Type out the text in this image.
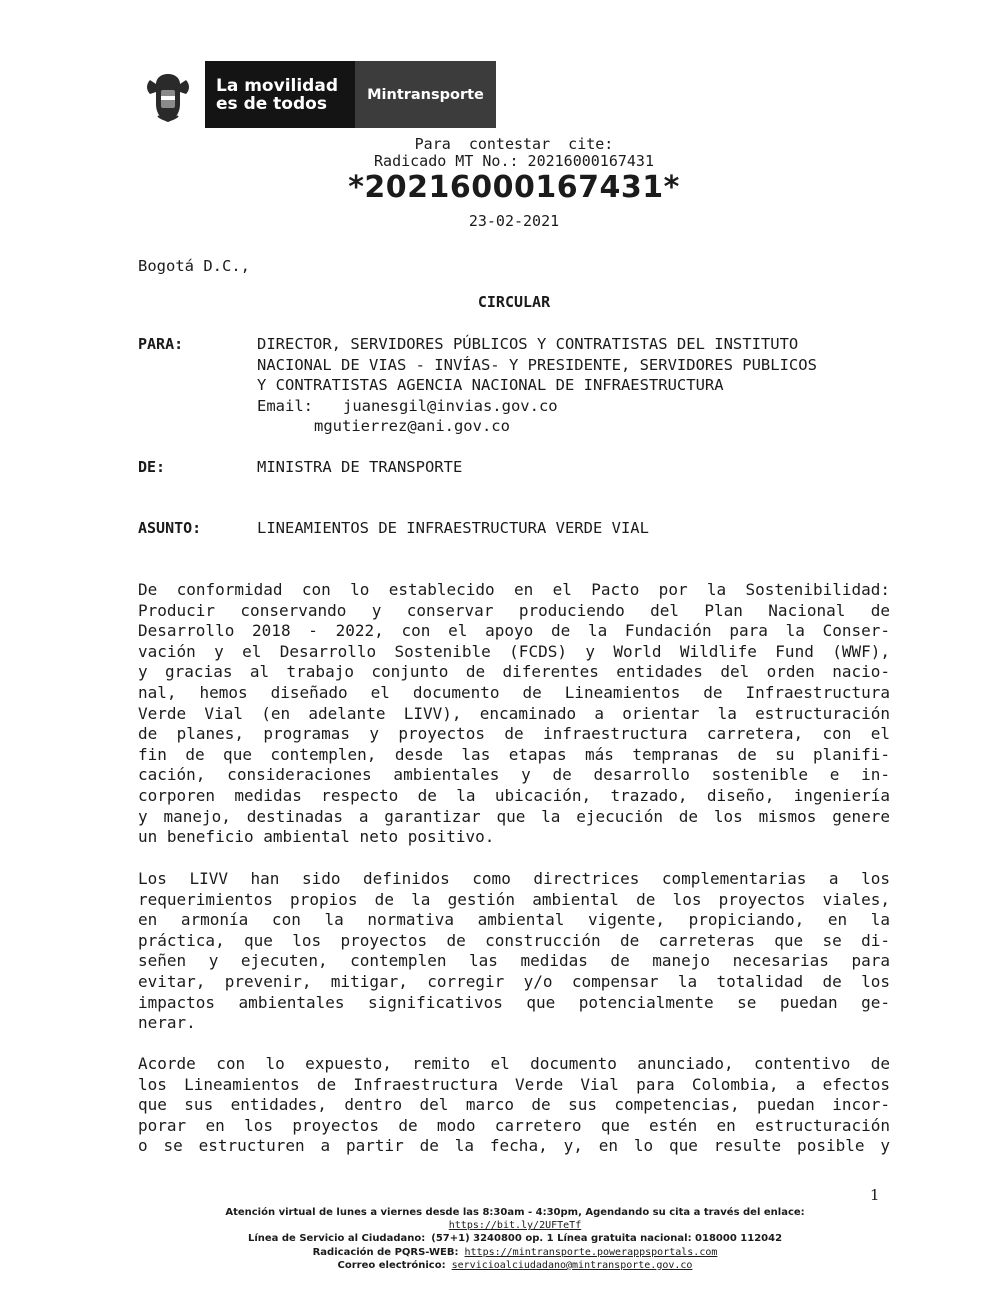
La movilidad
es de todos	Mintransporte
Para  contestar  cite:
Radicado MT No.: 20216000167431
*20216000167431*
23-02-2021
Bogotá D.C.,
CIRCULAR
PARA:	DIRECTOR, SERVIDORES PÚBLICOS Y CONTRATISTAS DEL INSTITUTO
NACIONAL DE VIAS - INVÍAS- Y PRESIDENTE, SERVIDORES PUBLICOS
Y CONTRATISTAS AGENCIA NACIONAL DE INFRAESTRUCTURA
Email: juanesgil@invias.gov.co
mgutierrez@ani.gov.co
DE:	MINISTRA DE TRANSPORTE
ASUNTO:	LINEAMIENTOS DE INFRAESTRUCTURA VERDE VIAL
De conformidad con lo establecido en el Pacto por la Sostenibilidad:
Producir conservando y conservar produciendo del Plan Nacional de
Desarrollo 2018 - 2022, con el apoyo de la Fundación para la Conser-
vación y el Desarrollo Sostenible (FCDS) y World Wildlife Fund (WWF),
y gracias al trabajo conjunto de diferentes entidades del orden nacio-
nal, hemos diseñado el documento de Lineamientos de Infraestructura
Verde Vial (en adelante LIVV), encaminado a orientar la estructuración
de planes, programas y proyectos de infraestructura carretera, con el
fin de que contemplen, desde las etapas más tempranas de su planifi-
cación, consideraciones ambientales y de desarrollo sostenible e in-
corporen medidas respecto de la ubicación, trazado, diseño, ingeniería
y manejo, destinadas a garantizar que la ejecución de los mismos genere
un beneficio ambiental neto positivo.
Los LIVV han sido definidos como directrices complementarias a los
requerimientos propios de la gestión ambiental de los proyectos viales,
en armonía con la normativa ambiental vigente, propiciando, en la
práctica, que los proyectos de construcción de carreteras que se di-
señen y ejecuten, contemplen las medidas de manejo necesarias para
evitar, prevenir, mitigar, corregir y/o compensar la totalidad de los
impactos ambientales significativos que potencialmente se puedan ge-
nerar.
Acorde con lo expuesto, remito el documento anunciado, contentivo de
los Lineamientos de Infraestructura Verde Vial para Colombia, a efectos
que sus entidades, dentro del marco de sus competencias, puedan incor-
porar en los proyectos de modo carretero que estén en estructuración
o se estructuren a partir de la fecha, y, en lo que resulte posible y
1
Atención virtual de lunes a viernes desde las 8:30am - 4:30pm, Agendando su cita a través del enlace:
https://bit.ly/2UFTeTf
Línea de Servicio al Ciudadano: (57+1) 3240800 op. 1 Línea gratuita nacional: 018000 112042
Radicación de PQRS-WEB: https://mintransporte.powerappsportals.com
Correo electrónico: servicioalciudadano@mintransporte.gov.co
